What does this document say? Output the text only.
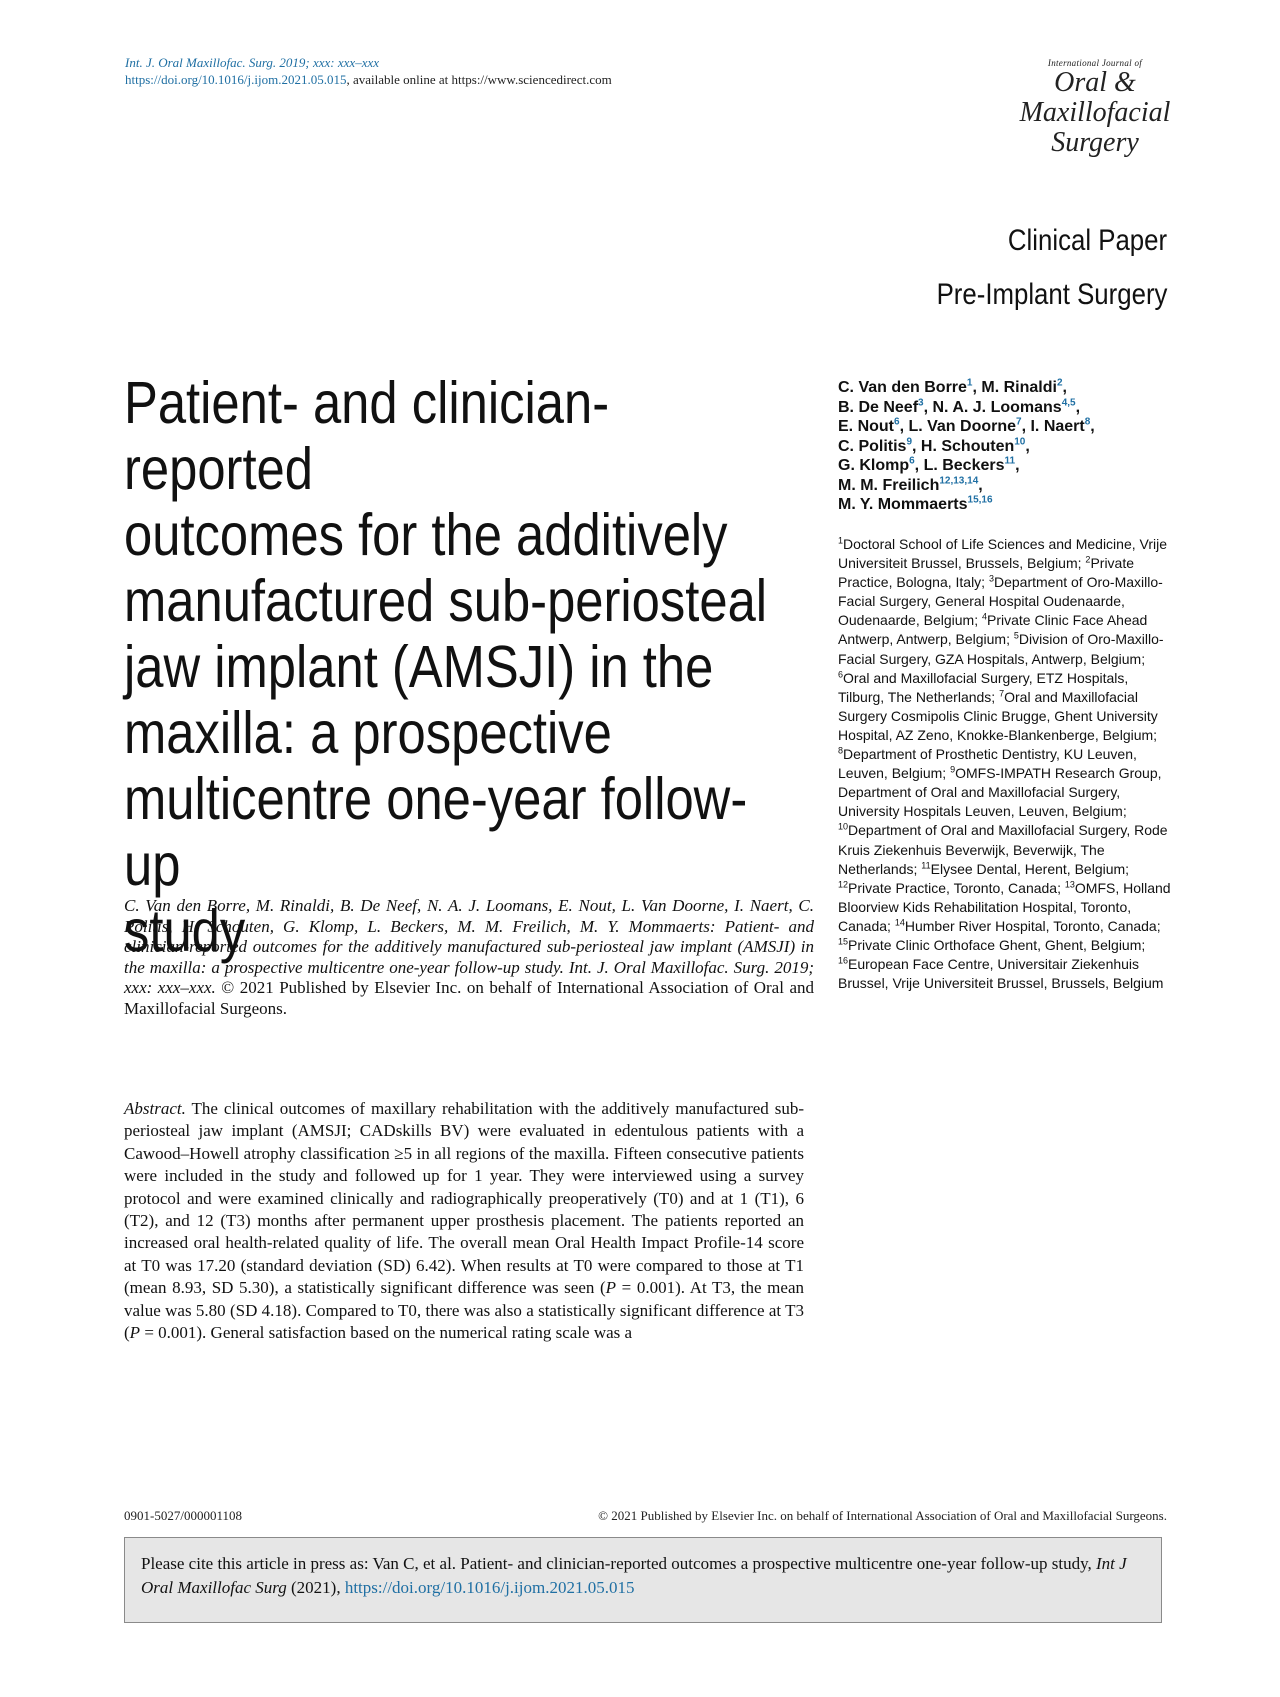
Int. J. Oral Maxillofac. Surg. 2019; xxx: xxx–xxx
https://doi.org/10.1016/j.ijom.2021.05.015, available online at https://www.sciencedirect.com
International Journal of
Oral &
Maxillofacial
Surgery
Clinical Paper
Pre-Implant Surgery
Patient- and clinician-reported
outcomes for the additively
manufactured sub-periosteal
jaw implant (AMSJI) in the
maxilla: a prospective
multicentre one-year follow-up
study
C. Van den Borre$^1$, M. Rinaldi$^2$,
B. De Neef$^3$, N. A. J. Loomans$^{4,5}$,
E. Nout$^6$, L. Van Doorne$^7$, I. Naert$^8$,
C. Politis$^9$, H. Schouten$^{10}$,
G. Klomp$^6$, L. Beckers$^{11}$,
M. M. Freilich$^{12,13,14}$,
M. Y. Mommaerts$^{15,16}$
$^1$Doctoral School of Life Sciences and Medicine, Vrije Universiteit Brussel, Brussels, Belgium; $^2$Private Practice, Bologna, Italy; $^3$Department of Oro-Maxillo-Facial Surgery, General Hospital Oudenaarde, Oudenaarde, Belgium; $^4$Private Clinic Face Ahead Antwerp, Antwerp, Belgium; $^5$Division of Oro-Maxillo-Facial Surgery, GZA Hospitals, Antwerp, Belgium; $^6$Oral and Maxillofacial Surgery, ETZ Hospitals, Tilburg, The Netherlands; $^7$Oral and Maxillofacial Surgery Cosmipolis Clinic Brugge, Ghent University Hospital, AZ Zeno, Knokke-Blankenberge, Belgium; $^8$Department of Prosthetic Dentistry, KU Leuven, Leuven, Belgium; $^9$OMFS-IMPATH Research Group, Department of Oral and Maxillofacial Surgery, University Hospitals Leuven, Leuven, Belgium; $^{10}$Department of Oral and Maxillofacial Surgery, Rode Kruis Ziekenhuis Beverwijk, Beverwijk, The Netherlands; $^{11}$Elysee Dental, Herent, Belgium; $^{12}$Private Practice, Toronto, Canada; $^{13}$OMFS, Holland Bloorview Kids Rehabilitation Hospital, Toronto, Canada; $^{14}$Humber River Hospital, Toronto, Canada; $^{15}$Private Clinic Orthoface Ghent, Ghent, Belgium; $^{16}$European Face Centre, Universitair Ziekenhuis Brussel, Vrije Universiteit Brussel, Brussels, Belgium
C. Van den Borre, M. Rinaldi, B. De Neef, N. A. J. Loomans, E. Nout, L. Van Doorne, I. Naert, C. Politis, H. Schouten, G. Klomp, L. Beckers, M. M. Freilich, M. Y. Mommaerts: Patient- and clinician-reported outcomes for the additively manufactured sub-periosteal jaw implant (AMSJI) in the maxilla: a prospective multicentre one-year follow-up study. Int. J. Oral Maxillofac. Surg. 2019; xxx: xxx–xxx. © 2021 Published by Elsevier Inc. on behalf of International Association of Oral and Maxillofacial Surgeons.
Abstract. The clinical outcomes of maxillary rehabilitation with the additively manufactured sub-periosteal jaw implant (AMSJI; CADskills BV) were evaluated in edentulous patients with a Cawood–Howell atrophy classification ≥5 in all regions of the maxilla. Fifteen consecutive patients were included in the study and followed up for 1 year. They were interviewed using a survey protocol and were examined clinically and radiographically preoperatively (T0) and at 1 (T1), 6 (T2), and 12 (T3) months after permanent upper prosthesis placement. The patients reported an increased oral health-related quality of life. The overall mean Oral Health Impact Profile-14 score at T0 was 17.20 (standard deviation (SD) 6.42). When results at T0 were compared to those at T1 (mean 8.93, SD 5.30), a statistically significant difference was seen (P = 0.001). At T3, the mean value was 5.80 (SD 4.18). Compared to T0, there was also a statistically significant difference at T3 (P = 0.001). General satisfaction based on the numerical rating scale was a
0901-5027/000001108	© 2021 Published by Elsevier Inc. on behalf of International Association of Oral and Maxillofacial Surgeons.
Please cite this article in press as: Van C, et al. Patient- and clinician-reported outcomes a prospective multicentre one-year follow-up study, Int J Oral Maxillofac Surg (2021), https://doi.org/10.1016/j.ijom.2021.05.015
